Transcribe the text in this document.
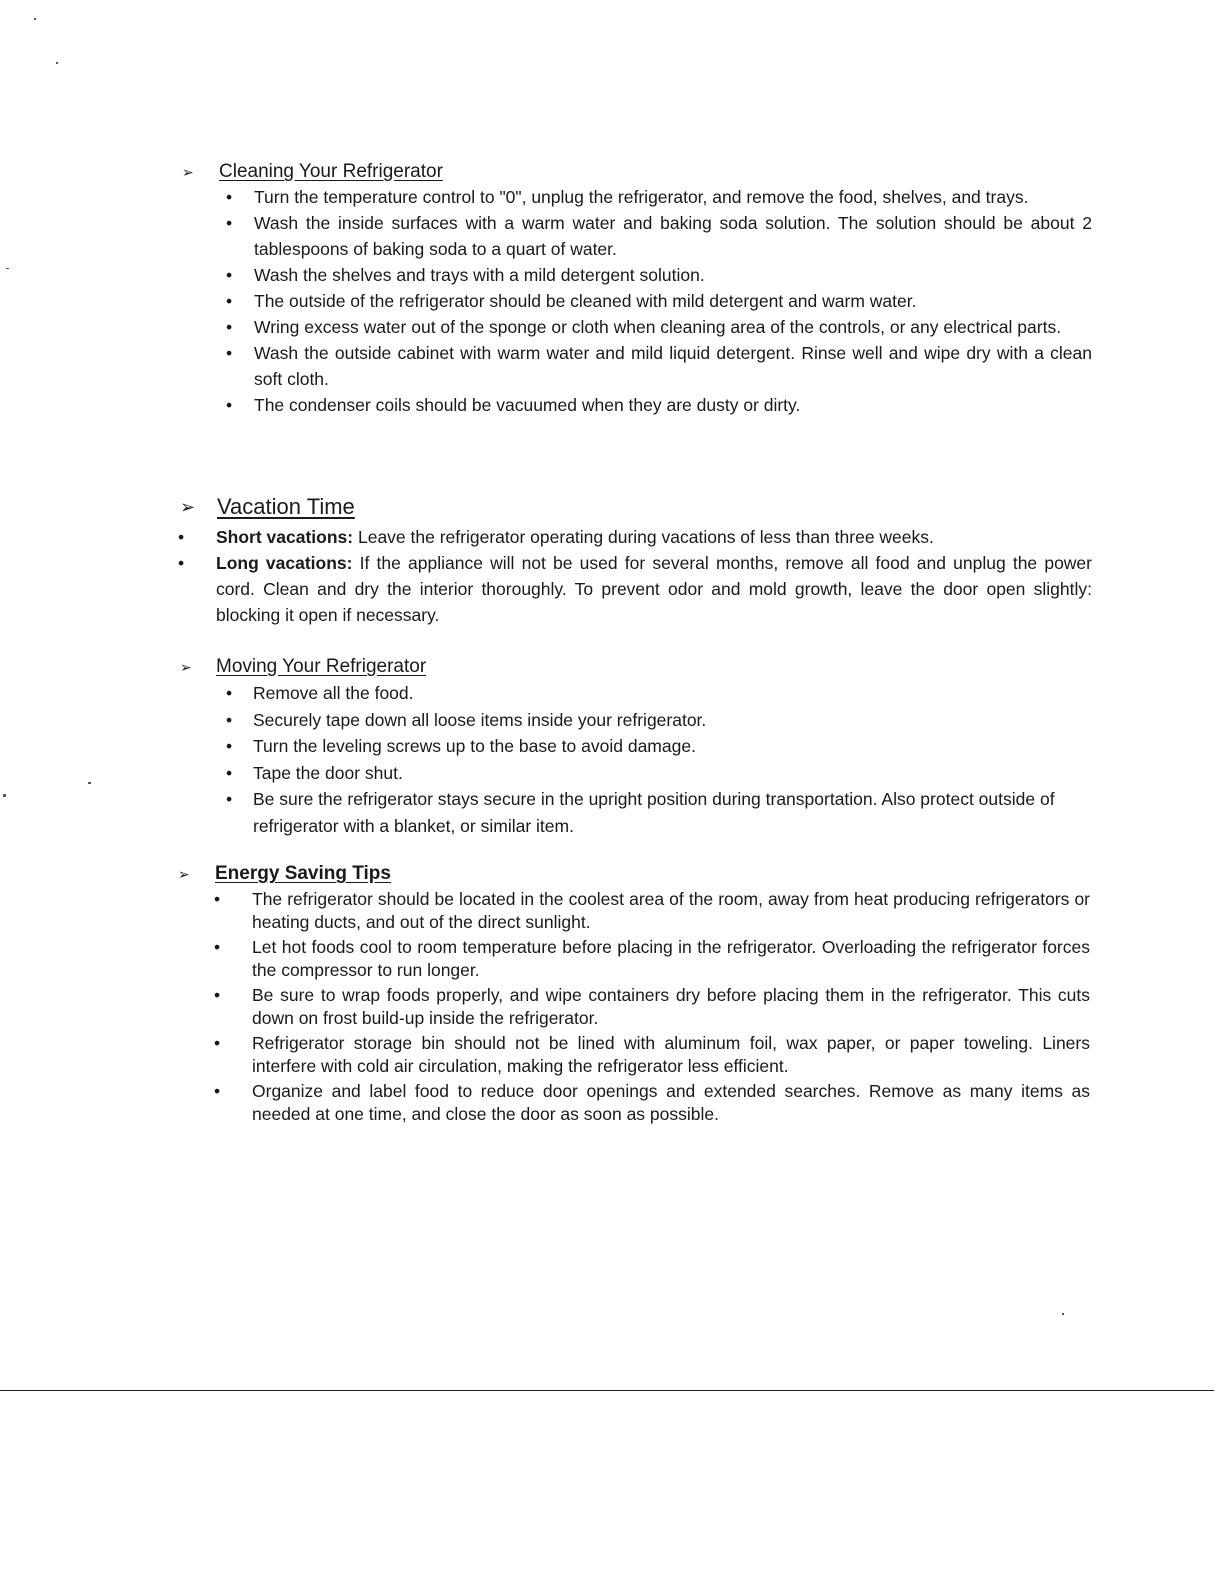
➢ Cleaning Your Refrigerator
• Turn the temperature control to "0", unplug the refrigerator, and remove the food, shelves, and trays.
• Wash the inside surfaces with a warm water and baking soda solution. The solution should be about 2 tablespoons of baking soda to a quart of water.
• Wash the shelves and trays with a mild detergent solution.
• The outside of the refrigerator should be cleaned with mild detergent and warm water.
• Wring excess water out of the sponge or cloth when cleaning area of the controls, or any electrical parts.
• Wash the outside cabinet with warm water and mild liquid detergent. Rinse well and wipe dry with a clean soft cloth.
• The condenser coils should be vacuumed when they are dusty or dirty.
➢ Vacation Time
• Short vacations: Leave the refrigerator operating during vacations of less than three weeks.
• Long vacations: If the appliance will not be used for several months, remove all food and unplug the power cord. Clean and dry the interior thoroughly. To prevent odor and mold growth, leave the door open slightly: blocking it open if necessary.
➢ Moving Your Refrigerator
• Remove all the food.
• Securely tape down all loose items inside your refrigerator.
• Turn the leveling screws up to the base to avoid damage.
• Tape the door shut.
• Be sure the refrigerator stays secure in the upright position during transportation. Also protect outside of refrigerator with a blanket, or similar item.
➢ Energy Saving Tips
• The refrigerator should be located in the coolest area of the room, away from heat producing refrigerators or heating ducts, and out of the direct sunlight.
• Let hot foods cool to room temperature before placing in the refrigerator. Overloading the refrigerator forces the compressor to run longer.
• Be sure to wrap foods properly, and wipe containers dry before placing them in the refrigerator. This cuts down on frost build-up inside the refrigerator.
• Refrigerator storage bin should not be lined with aluminum foil, wax paper, or paper toweling. Liners interfere with cold air circulation, making the refrigerator less efficient.
• Organize and label food to reduce door openings and extended searches. Remove as many items as needed at one time, and close the door as soon as possible.
